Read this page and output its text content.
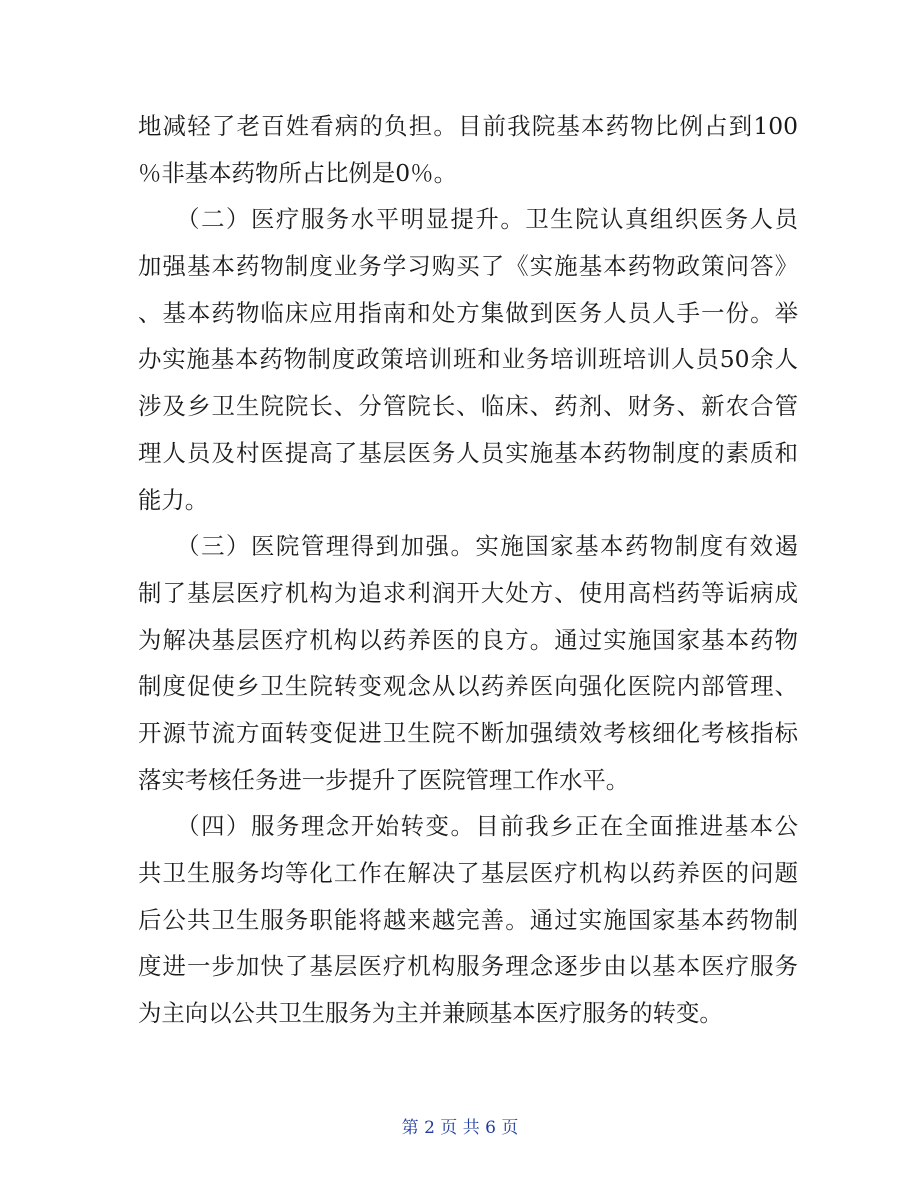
地减轻了老百姓看病的负担。目前我院基本药物比例占到100
％非基本药物所占比例是0％。
　　（二）医疗服务水平明显提升。卫生院认真组织医务人员
加强基本药物制度业务学习购买了《实施基本药物政策问答》
、基本药物临床应用指南和处方集做到医务人员人手一份。举
办实施基本药物制度政策培训班和业务培训班培训人员50余人
涉及乡卫生院院长、分管院长、临床、药剂、财务、新农合管
理人员及村医提高了基层医务人员实施基本药物制度的素质和
能力。
　　（三）医院管理得到加强。实施国家基本药物制度有效遏
制了基层医疗机构为追求利润开大处方、使用高档药等诟病成
为解决基层医疗机构以药养医的良方。通过实施国家基本药物
制度促使乡卫生院转变观念从以药养医向强化医院内部管理、
开源节流方面转变促进卫生院不断加强绩效考核细化考核指标
落实考核任务进一步提升了医院管理工作水平。
　　（四）服务理念开始转变。目前我乡正在全面推进基本公
共卫生服务均等化工作在解决了基层医疗机构以药养医的问题
后公共卫生服务职能将越来越完善。通过实施国家基本药物制
度进一步加快了基层医疗机构服务理念逐步由以基本医疗服务
为主向以公共卫生服务为主并兼顾基本医疗服务的转变。
第 2 页 共 6 页
